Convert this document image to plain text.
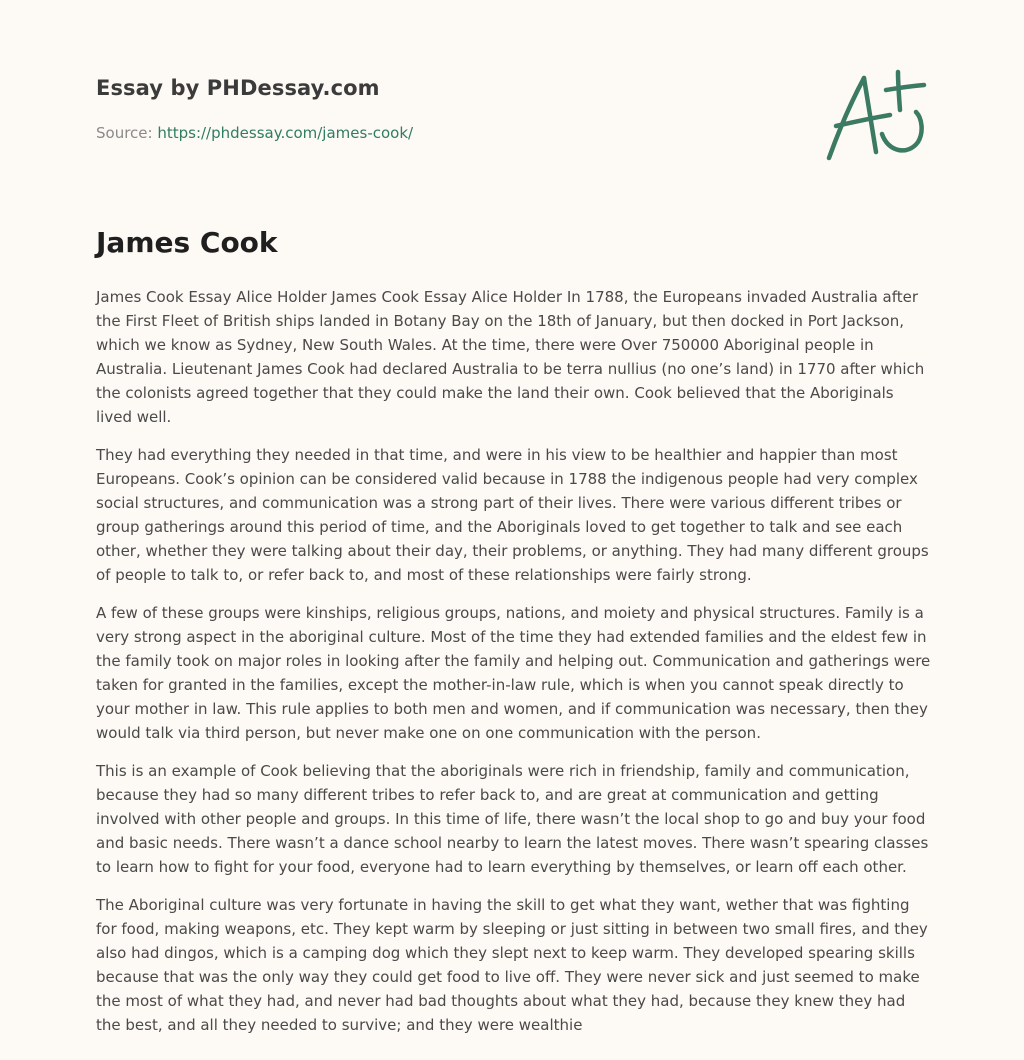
Essay by PHDessay.com
Source: https://phdessay.com/james-cook/
James Cook

James Cook Essay Alice Holder James Cook Essay Alice Holder In 1788, the Europeans invaded Australia after the First Fleet of British ships landed in Botany Bay on the 18th of January, but then docked in Port Jackson, which we know as Sydney, New South Wales. At the time, there were Over 750000 Aboriginal people in Australia. Lieutenant James Cook had declared Australia to be terra nullius (no one’s land) in 1770 after which the colonists agreed together that they could make the land their own. Cook believed that the Aboriginals lived well.

They had everything they needed in that time, and were in his view to be healthier and happier than most Europeans. Cook’s opinion can be considered valid because in 1788 the indigenous people had very complex social structures, and communication was a strong part of their lives. There were various different tribes or group gatherings around this period of time, and the Aboriginals loved to get together to talk and see each other, whether they were talking about their day, their problems, or anything. They had many different groups of people to talk to, or refer back to, and most of these relationships were fairly strong.

A few of these groups were kinships, religious groups, nations, and moiety and physical structures. Family is a very strong aspect in the aboriginal culture. Most of the time they had extended families and the eldest few in the family took on major roles in looking after the family and helping out. Communication and gatherings were taken for granted in the families, except the mother-in-law rule, which is when you cannot speak directly to your mother in law. This rule applies to both men and women, and if communication was necessary, then they would talk via third person, but never make one on one communication with the person.

This is an example of Cook believing that the aboriginals were rich in friendship, family and communication, because they had so many different tribes to refer back to, and are great at communication and getting involved with other people and groups. In this time of life, there wasn’t the local shop to go and buy your food and basic needs. There wasn’t a dance school nearby to learn the latest moves. There wasn’t spearing classes to learn how to fight for your food, everyone had to learn everything by themselves, or learn off each other.

The Aboriginal culture was very fortunate in having the skill to get what they want, wether that was fighting for food, making weapons, etc. They kept warm by sleeping or just sitting in between two small fires, and they also had dingos, which is a camping dog which they slept next to keep warm. They developed spearing skills because that was the only way they could get food to live off. They were never sick and just seemed to make the most of what they had, and never had bad thoughts about what they had, because they knew they had the best, and all they needed to survive; and they were wealthie
